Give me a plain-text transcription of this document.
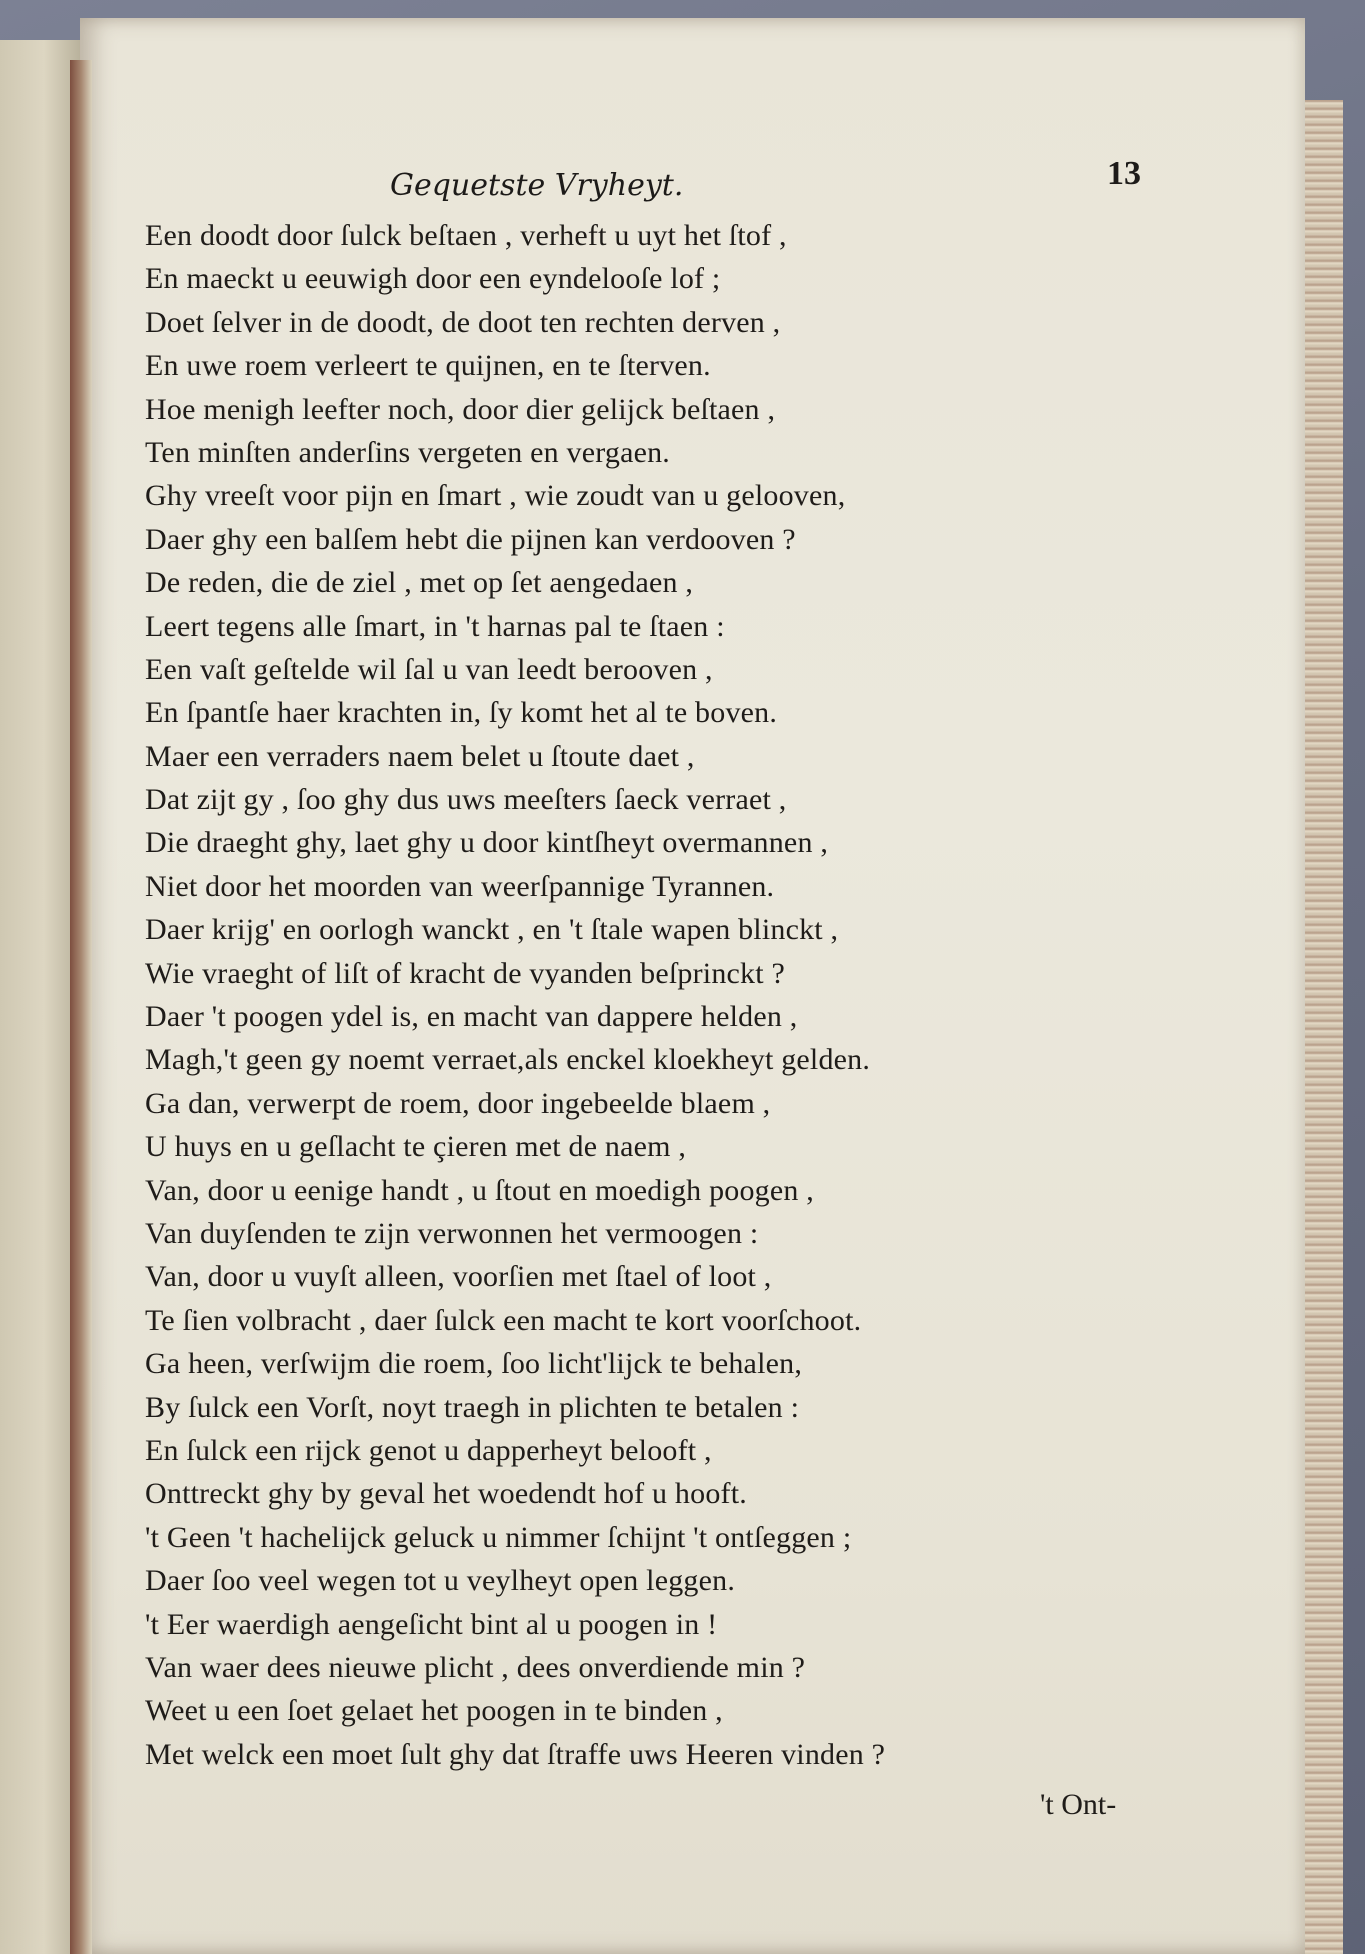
Gequetste Vryheyt.	13
Een doodt door ſulck beſtaen , verheft u uyt het ſtof ,
En maeckt u eeuwigh door een eyndelooſe lof ;
Doet ſelver in de doodt, de doot ten rechten derven ,
En uwe roem verleert te quijnen, en te ſterven.
Hoe menigh leefter noch, door dier gelijck beſtaen ,
Ten minſten anderſins vergeten en vergaen.
Ghy vreeſt voor pijn en ſmart , wie zoudt van u gelooven,
Daer ghy een balſem hebt die pijnen kan verdooven ?
De reden, die de ziel , met op ſet aengedaen ,
Leert tegens alle ſmart, in 't harnas pal te ſtaen :
Een vaſt geſtelde wil ſal u van leedt berooven ,
En ſpantſe haer krachten in, ſy komt het al te boven.
Maer een verraders naem belet u ſtoute daet ,
Dat zijt gy , ſoo ghy dus uws meeſters ſaeck verraet ,
Die draeght ghy, laet ghy u door kintſheyt overmannen ,
Niet door het moorden van weerſpannige Tyrannen.
Daer krijg' en oorlogh wanckt , en 't ſtale wapen blinckt ,
Wie vraeght of liſt of kracht de vyanden beſprinckt ?
Daer 't poogen ydel is, en macht van dappere helden ,
Magh,'t geen gy noemt verraet,als enckel kloekheyt gelden.
Ga dan, verwerpt de roem, door ingebeelde blaem ,
U huys en u geſlacht te çieren met de naem ,
Van, door u eenige handt , u ſtout en moedigh poogen ,
Van duyſenden te zijn verwonnen het vermoogen :
Van, door u vuyſt alleen, voorſien met ſtael of loot ,
Te ſien volbracht , daer ſulck een macht te kort voorſchoot.
Ga heen, verſwijm die roem, ſoo licht'lijck te behalen,
By ſulck een Vorſt, noyt traegh in plichten te betalen :
En ſulck een rijck genot u dapperheyt belooft ,
Onttreckt ghy by geval het woedendt hof u hooft.
't Geen 't hachelijck geluck u nimmer ſchijnt 't ontſeggen ;
Daer ſoo veel wegen tot u veylheyt open leggen.
't Eer waerdigh aengeſicht bint al u poogen in !
Van waer dees nieuwe plicht , dees onverdiende min ?
Weet u een ſoet gelaet het poogen in te binden ,
Met welck een moet ſult ghy dat ſtraffe uws Heeren vinden ?
't Ont-
